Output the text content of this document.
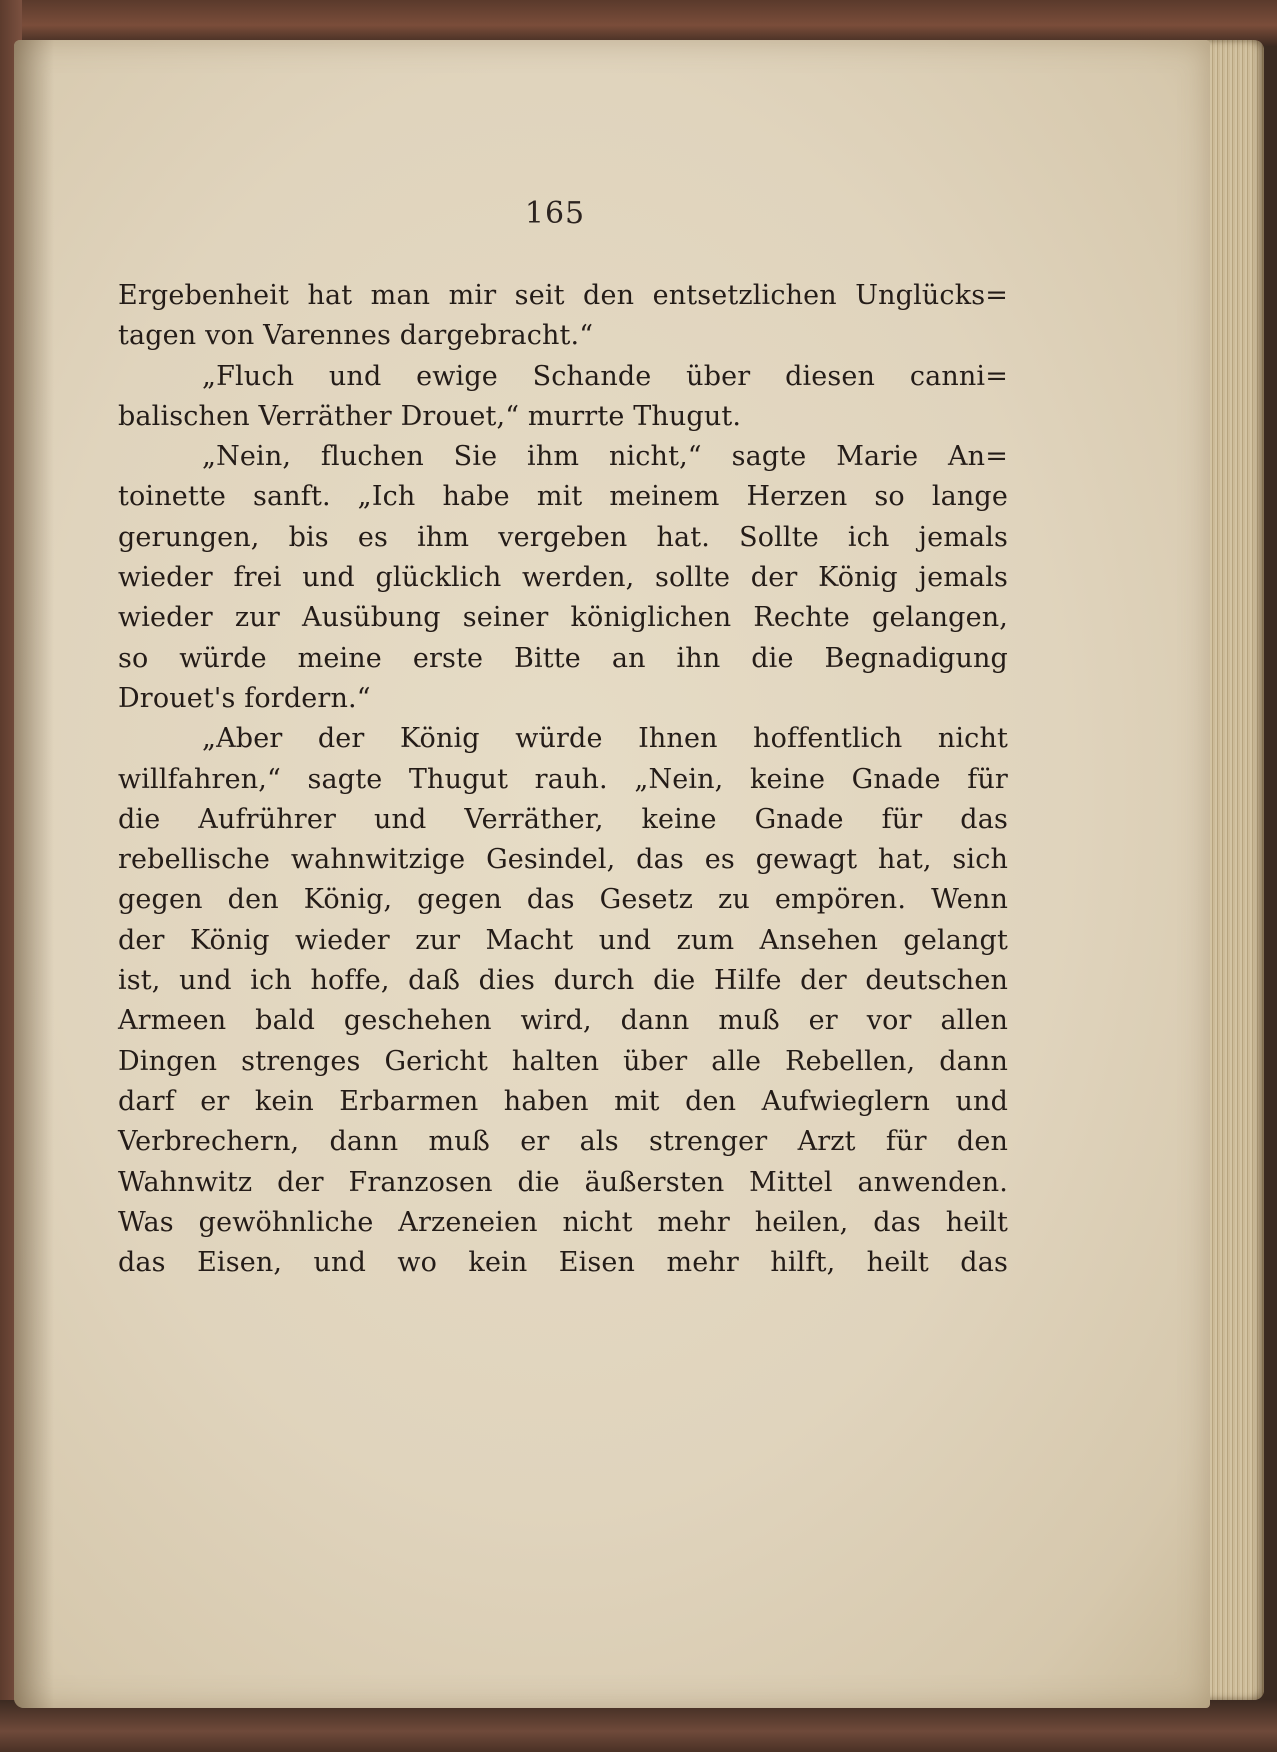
165
Ergebenheit hat man mir seit den entsetzlichen Unglücks=
tagen von Varennes dargebracht.“
„Fluch und ewige Schande über diesen canni=
balischen Verräther Drouet,“ murrte Thugut.
„Nein, fluchen Sie ihm nicht,“ sagte Marie An=
toinette sanft. „Ich habe mit meinem Herzen so lange
gerungen, bis es ihm vergeben hat. Sollte ich jemals
wieder frei und glücklich werden, sollte der König jemals
wieder zur Ausübung seiner königlichen Rechte gelangen,
so würde meine erste Bitte an ihn die Begnadigung
Drouet's fordern.“
„Aber der König würde Ihnen hoffentlich nicht
willfahren,“ sagte Thugut rauh. „Nein, keine Gnade für
die Aufrührer und Verräther, keine Gnade für das
rebellische wahnwitzige Gesindel, das es gewagt hat, sich
gegen den König, gegen das Gesetz zu empören. Wenn
der König wieder zur Macht und zum Ansehen gelangt
ist, und ich hoffe, daß dies durch die Hilfe der deutschen
Armeen bald geschehen wird, dann muß er vor allen
Dingen strenges Gericht halten über alle Rebellen, dann
darf er kein Erbarmen haben mit den Aufwieglern und
Verbrechern, dann muß er als strenger Arzt für den
Wahnwitz der Franzosen die äußersten Mittel anwenden.
Was gewöhnliche Arzeneien nicht mehr heilen, das heilt
das Eisen, und wo kein Eisen mehr hilft, heilt das
